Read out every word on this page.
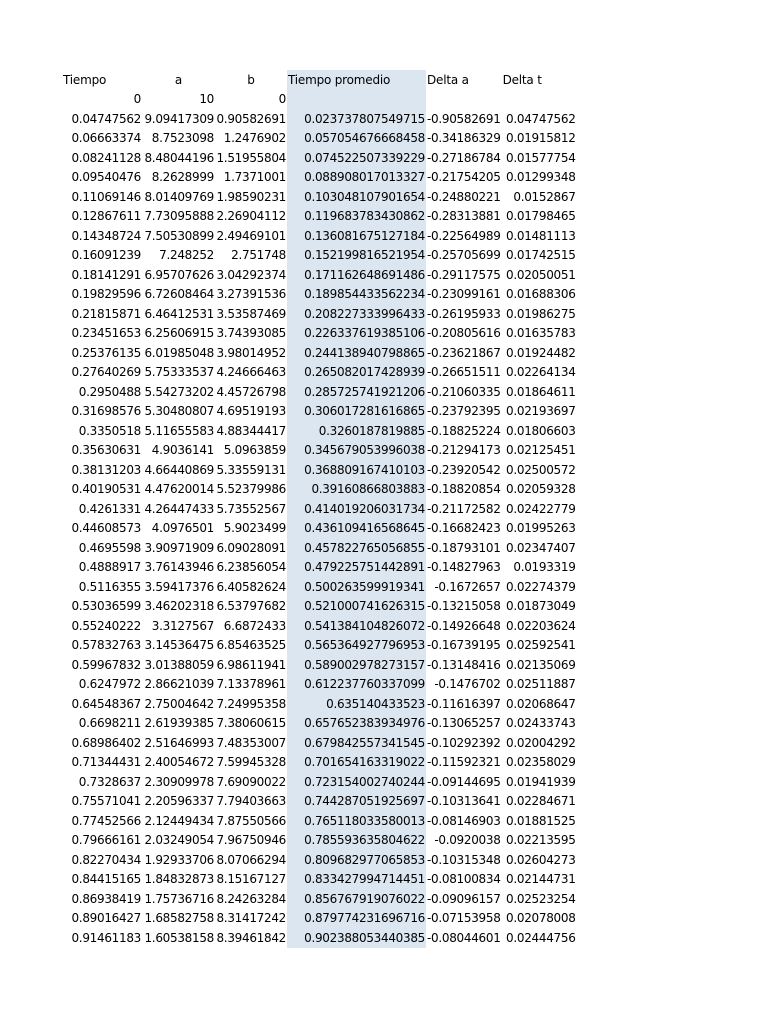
Tiempo	a	b	Tiempo promedio	Delta a	Delta t
0	10	0			
0.04747562	9.09417309	0.90582691	0.023737807549715	-0.90582691	0.04747562
0.06663374	8.7523098	1.2476902	0.057054676668458	-0.34186329	0.01915812
0.08241128	8.48044196	1.51955804	0.074522507339229	-0.27186784	0.01577754
0.09540476	8.2628999	1.7371001	0.088908017013327	-0.21754205	0.01299348
0.11069146	8.01409769	1.98590231	0.103048107901654	-0.24880221	0.0152867
0.12867611	7.73095888	2.26904112	0.119683783430862	-0.28313881	0.01798465
0.14348724	7.50530899	2.49469101	0.136081675127184	-0.22564989	0.01481113
0.16091239	7.248252	2.751748	0.152199816521954	-0.25705699	0.01742515
0.18141291	6.95707626	3.04292374	0.171162648691486	-0.29117575	0.02050051
0.19829596	6.72608464	3.27391536	0.189854433562234	-0.23099161	0.01688306
0.21815871	6.46412531	3.53587469	0.208227333996433	-0.26195933	0.01986275
0.23451653	6.25606915	3.74393085	0.226337619385106	-0.20805616	0.01635783
0.25376135	6.01985048	3.98014952	0.244138940798865	-0.23621867	0.01924482
0.27640269	5.75333537	4.24666463	0.265082017428939	-0.26651511	0.02264134
0.2950488	5.54273202	4.45726798	0.285725741921206	-0.21060335	0.01864611
0.31698576	5.30480807	4.69519193	0.306017281616865	-0.23792395	0.02193697
0.3350518	5.11655583	4.88344417	0.3260187819885	-0.18825224	0.01806603
0.35630631	4.9036141	5.0963859	0.345679053996038	-0.21294173	0.02125451
0.38131203	4.66440869	5.33559131	0.368809167410103	-0.23920542	0.02500572
0.40190531	4.47620014	5.52379986	0.39160866803883	-0.18820854	0.02059328
0.4261331	4.26447433	5.73552567	0.414019206031734	-0.21172582	0.02422779
0.44608573	4.0976501	5.9023499	0.436109416568645	-0.16682423	0.01995263
0.4695598	3.90971909	6.09028091	0.457822765056855	-0.18793101	0.02347407
0.4888917	3.76143946	6.23856054	0.479225751442891	-0.14827963	0.0193319
0.5116355	3.59417376	6.40582624	0.500263599919341	-0.1672657	0.02274379
0.53036599	3.46202318	6.53797682	0.521000741626315	-0.13215058	0.01873049
0.55240222	3.3127567	6.6872433	0.541384104826072	-0.14926648	0.02203624
0.57832763	3.14536475	6.85463525	0.565364927796953	-0.16739195	0.02592541
0.59967832	3.01388059	6.98611941	0.589002978273157	-0.13148416	0.02135069
0.6247972	2.86621039	7.13378961	0.612237760337099	-0.1476702	0.02511887
0.64548367	2.75004642	7.24995358	0.635140433523	-0.11616397	0.02068647
0.6698211	2.61939385	7.38060615	0.657652383934976	-0.13065257	0.02433743
0.68986402	2.51646993	7.48353007	0.679842557341545	-0.10292392	0.02004292
0.71344431	2.40054672	7.59945328	0.701654163319022	-0.11592321	0.02358029
0.7328637	2.30909978	7.69090022	0.723154002740244	-0.09144695	0.01941939
0.75571041	2.20596337	7.79403663	0.744287051925697	-0.10313641	0.02284671
0.77452566	2.12449434	7.87550566	0.765118033580013	-0.08146903	0.01881525
0.79666161	2.03249054	7.96750946	0.785593635804622	-0.0920038	0.02213595
0.82270434	1.92933706	8.07066294	0.809682977065853	-0.10315348	0.02604273
0.84415165	1.84832873	8.15167127	0.833427994714451	-0.08100834	0.02144731
0.86938419	1.75736716	8.24263284	0.856767919076022	-0.09096157	0.02523254
0.89016427	1.68582758	8.31417242	0.879774231696716	-0.07153958	0.02078008
0.91461183	1.60538158	8.39461842	0.902388053440385	-0.08044601	0.02444756
